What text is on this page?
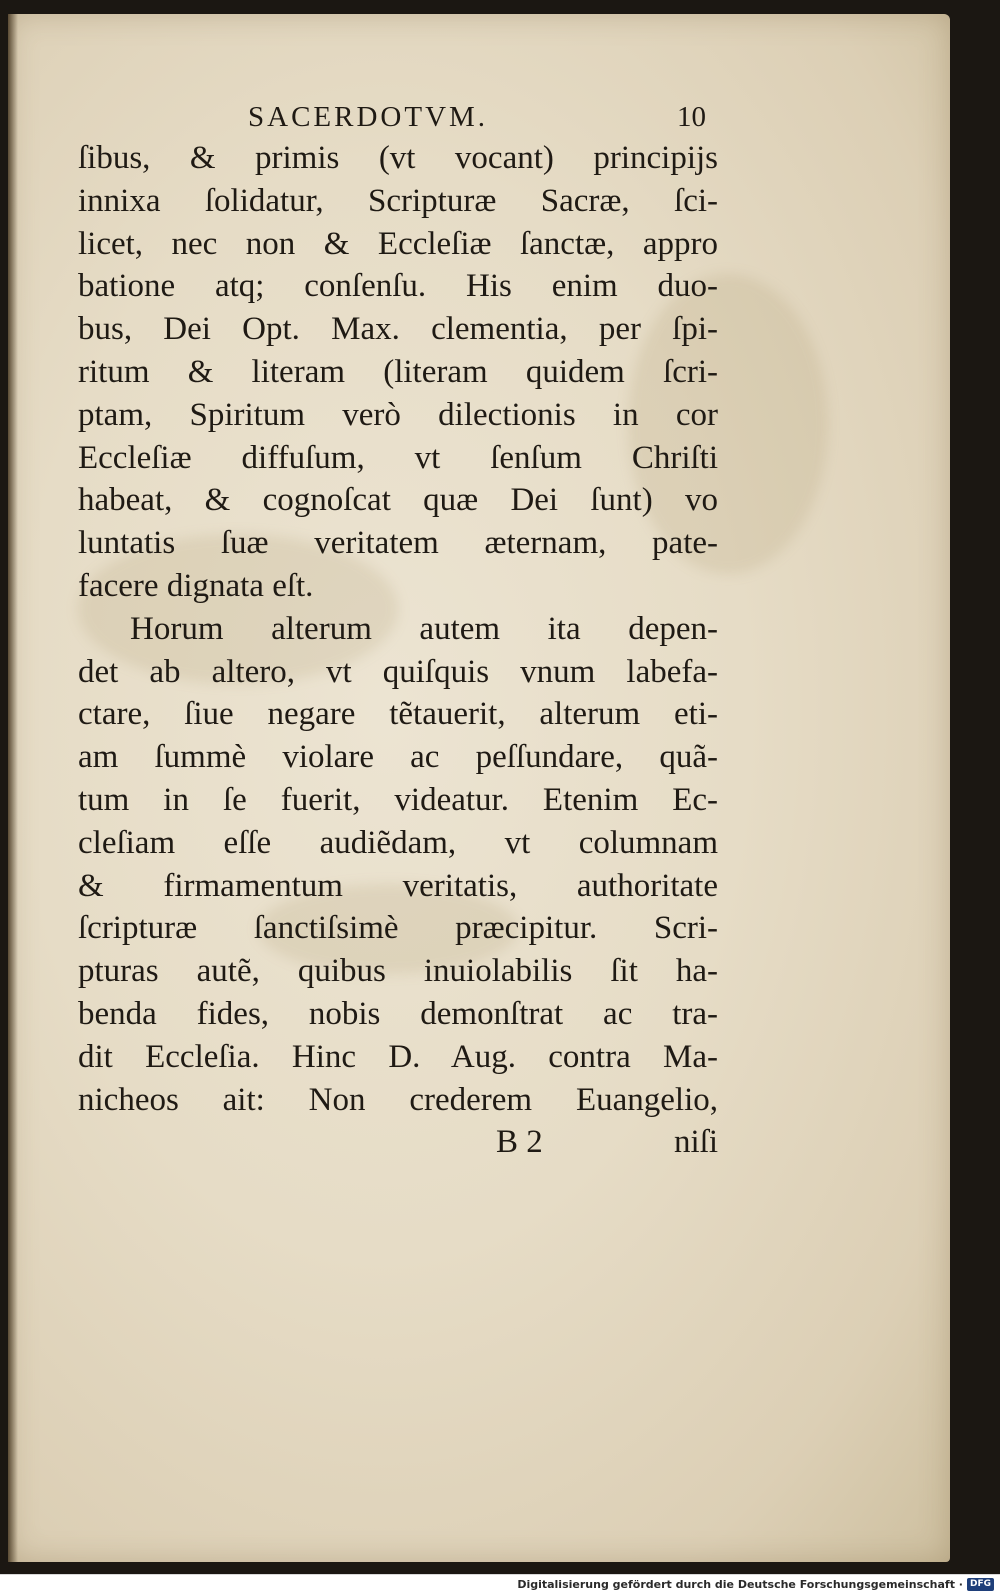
SACERDOTVM.	10
ſibus, & primis (vt vocant) principijs
innixa ſolidatur, Scripturæ Sacræ, ſci-
licet, nec non & Eccleſiæ ſanctæ, appro
batione atq; conſenſu. His enim duo-
bus, Dei Opt. Max. clementia, per ſpi-
ritum & literam (literam quidem ſcri-
ptam, Spiritum verò dilectionis in cor
Eccleſiæ diffuſum, vt ſenſum Chriſti
habeat, & cognoſcat quæ Dei ſunt) vo
luntatis ſuæ veritatem æternam, pate-
facere dignata eſt.
Horum alterum autem ita depen-
det ab altero, vt quiſquis vnum labefa-
ctare, ſiue negare tẽtauerit, alterum eti-
am ſummè violare ac peſſundare, quã-
tum in ſe fuerit, videatur. Etenim Ec-
cleſiam eſſe audiẽdam, vt columnam
& firmamentum veritatis, authoritate
ſcripturæ ſanctiſsimè præcipitur. Scri-
pturas autẽ, quibus inuiolabilis ſit ha-
benda fides, nobis demonſtrat ac tra-
dit Eccleſia. Hinc D. Aug. contra Ma-
nicheos ait: Non crederem Euangelio,
B 2	niſi
Digitalisierung gefördert durch die Deutsche Forschungsgemeinschaft · DFG
